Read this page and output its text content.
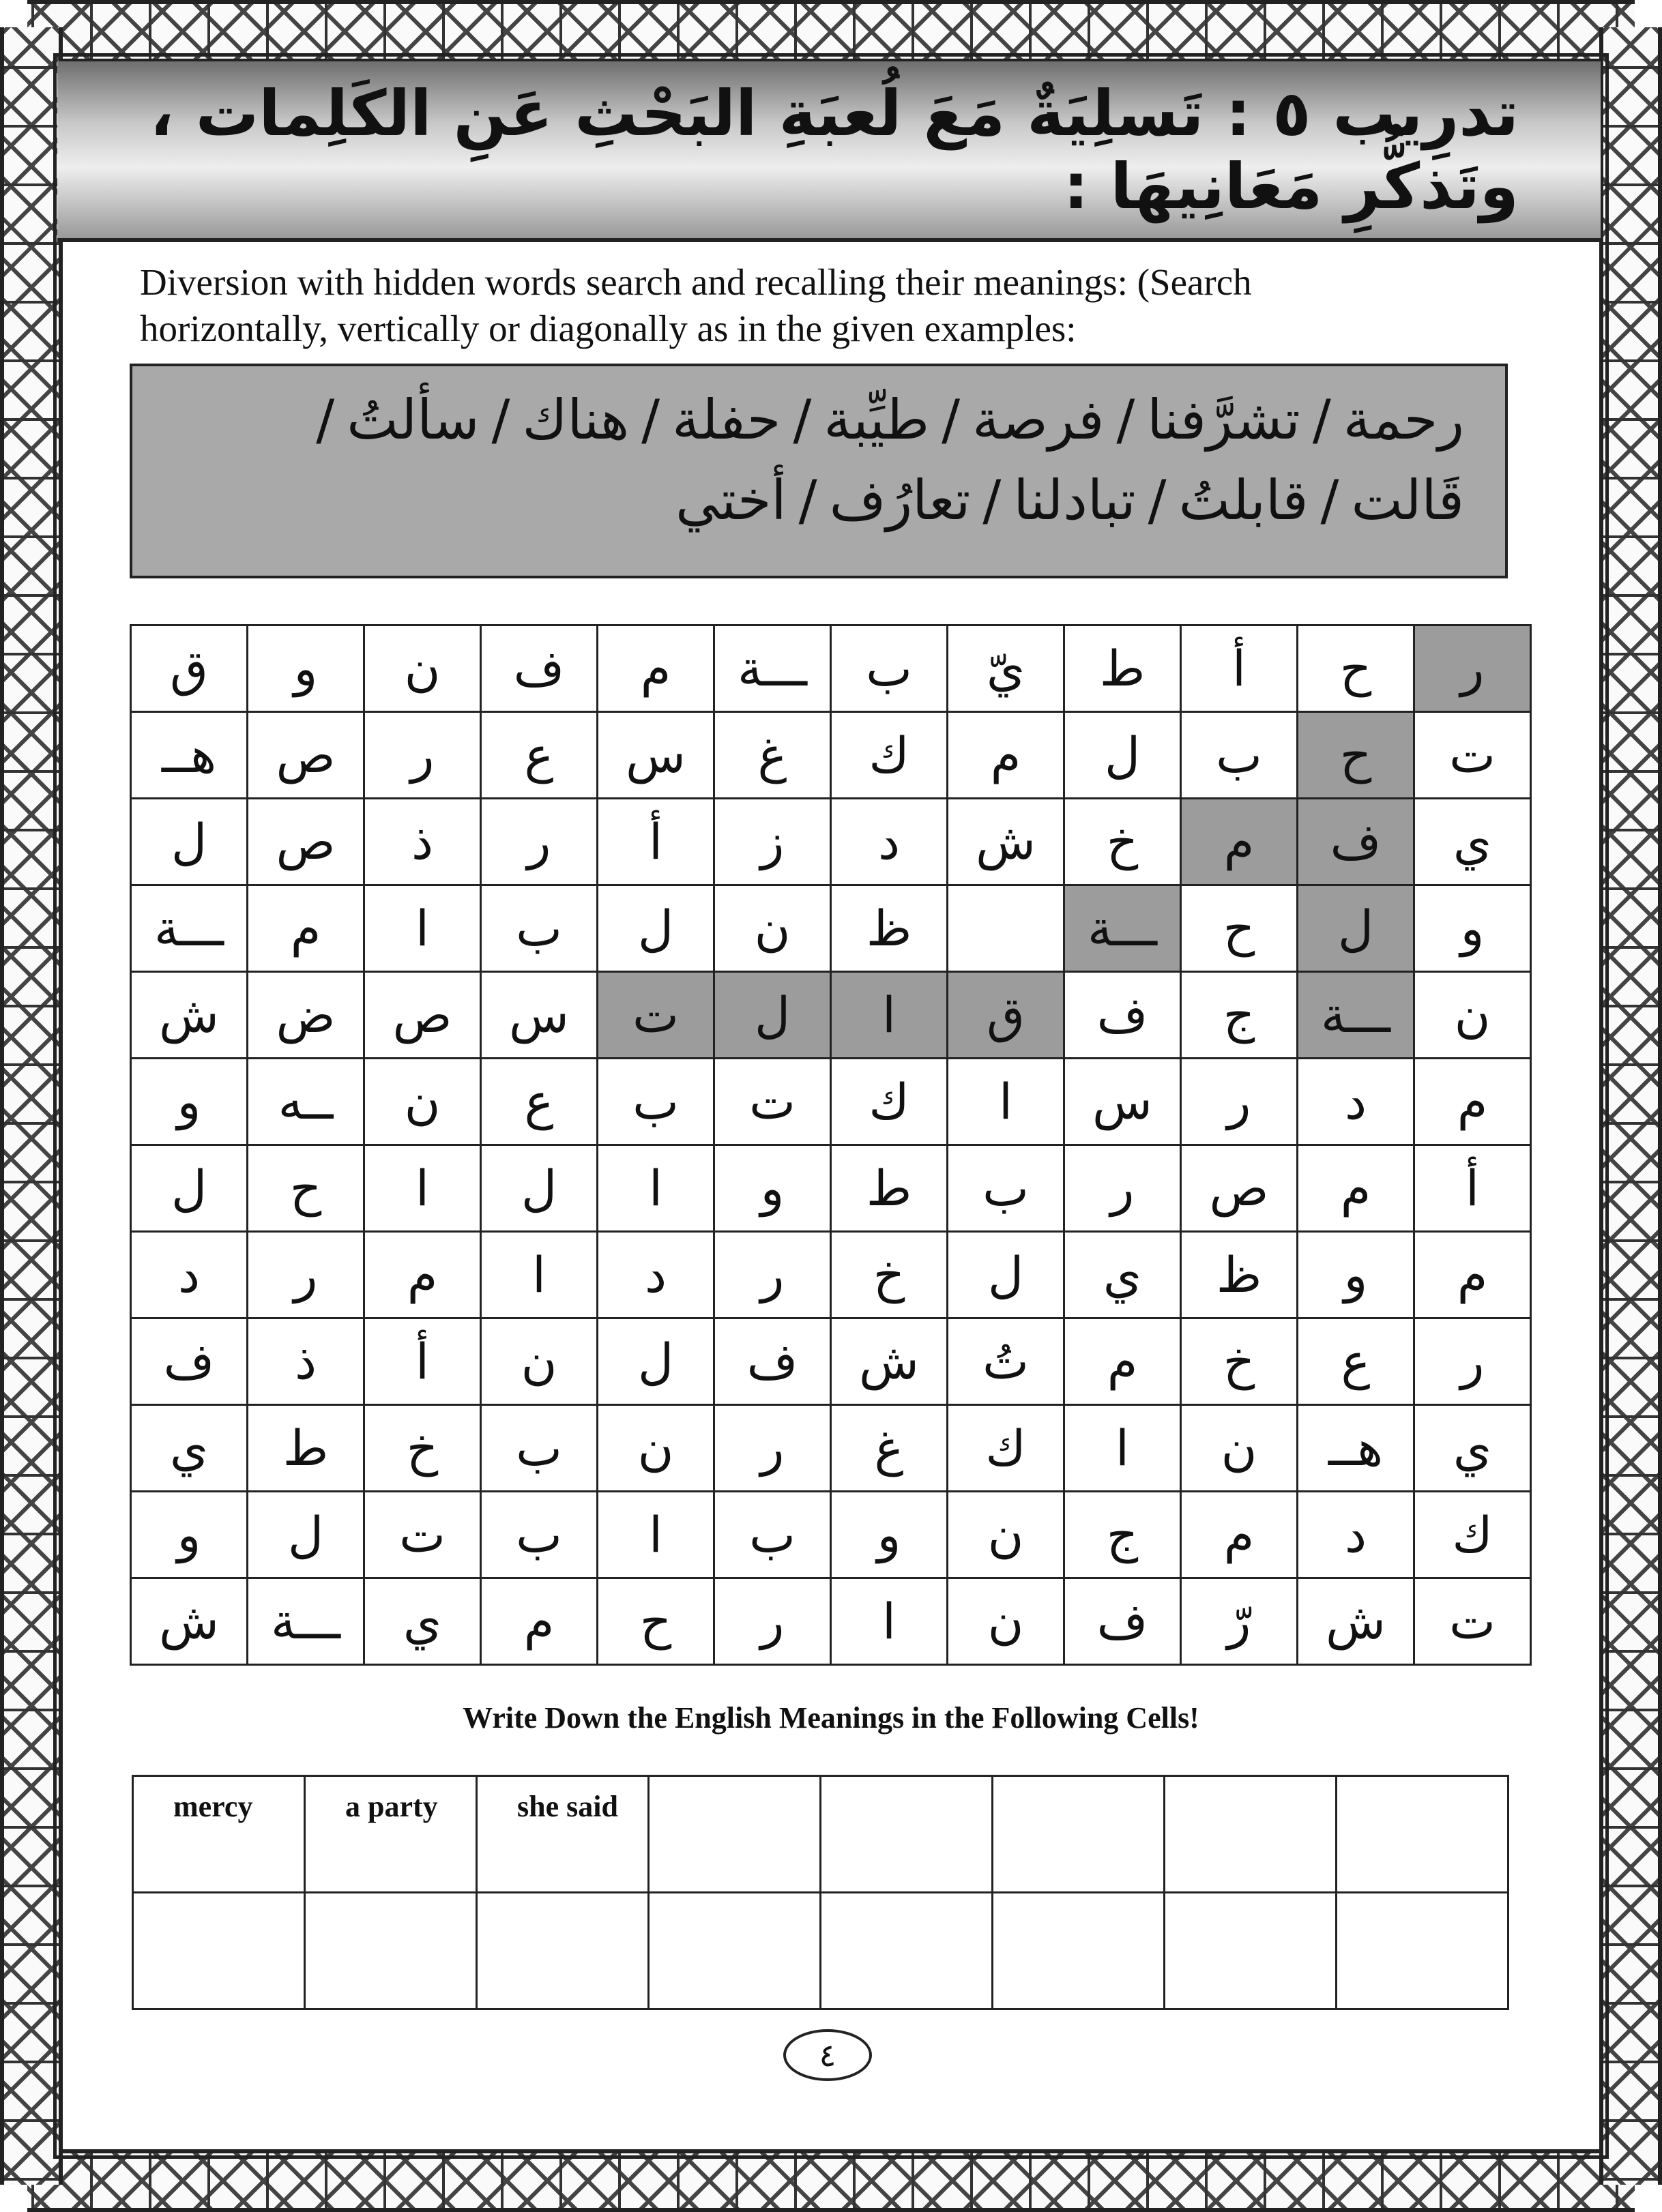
تدرِيب ٥ : تَسلِيَةٌ مَعَ لُعبَةِ البَحْثِ عَنِ الكَلِمات ، وتَذكُّرِ مَعَانِيهَا :
Diversion with hidden words search and recalling their meanings: (Search horizontally, vertically or diagonally as in the given examples:
رحمة/تشرَّفنا/فرصة/طيِّبة/حفلة/هناك/سألتُ/قَالت/قابلتُ/تبادلنا/تعارُف/أختي
ر	ح	أ	ط	يّ	ب	ـــة	م	ف	ن	و	ق
ت	ح	ب	ل	م	ك	غ	س	ع	ر	ص	هــ
ي	ف	م	خ	ش	د	ز	أ	ر	ذ	ص	ل
و	ل	ح	ـــة		ظ	ن	ل	ب	ا	م	ـــة
ن	ـــة	ج	ف	ق	ا	ل	ت	س	ص	ض	ش
م	د	ر	س	ا	ك	ت	ب	ع	ن	ــه	و
أ	م	ص	ر	ب	ط	و	ا	ل	ا	ح	ل
م	و	ظ	ي	ل	خ	ر	د	ا	م	ر	د
ر	ع	خ	م	تُ	ش	ف	ل	ن	أ	ذ	ف
ي	هــ	ن	ا	ك	غ	ر	ن	ب	خ	ط	ي
ك	د	م	ج	ن	و	ب	ا	ب	ت	ل	و
ت	ش	رّ	ف	ن	ا	ر	ح	م	ي	ـــة	ش
Write Down the English Meanings in the Following Cells!
mercy	a party	she said					

٤
